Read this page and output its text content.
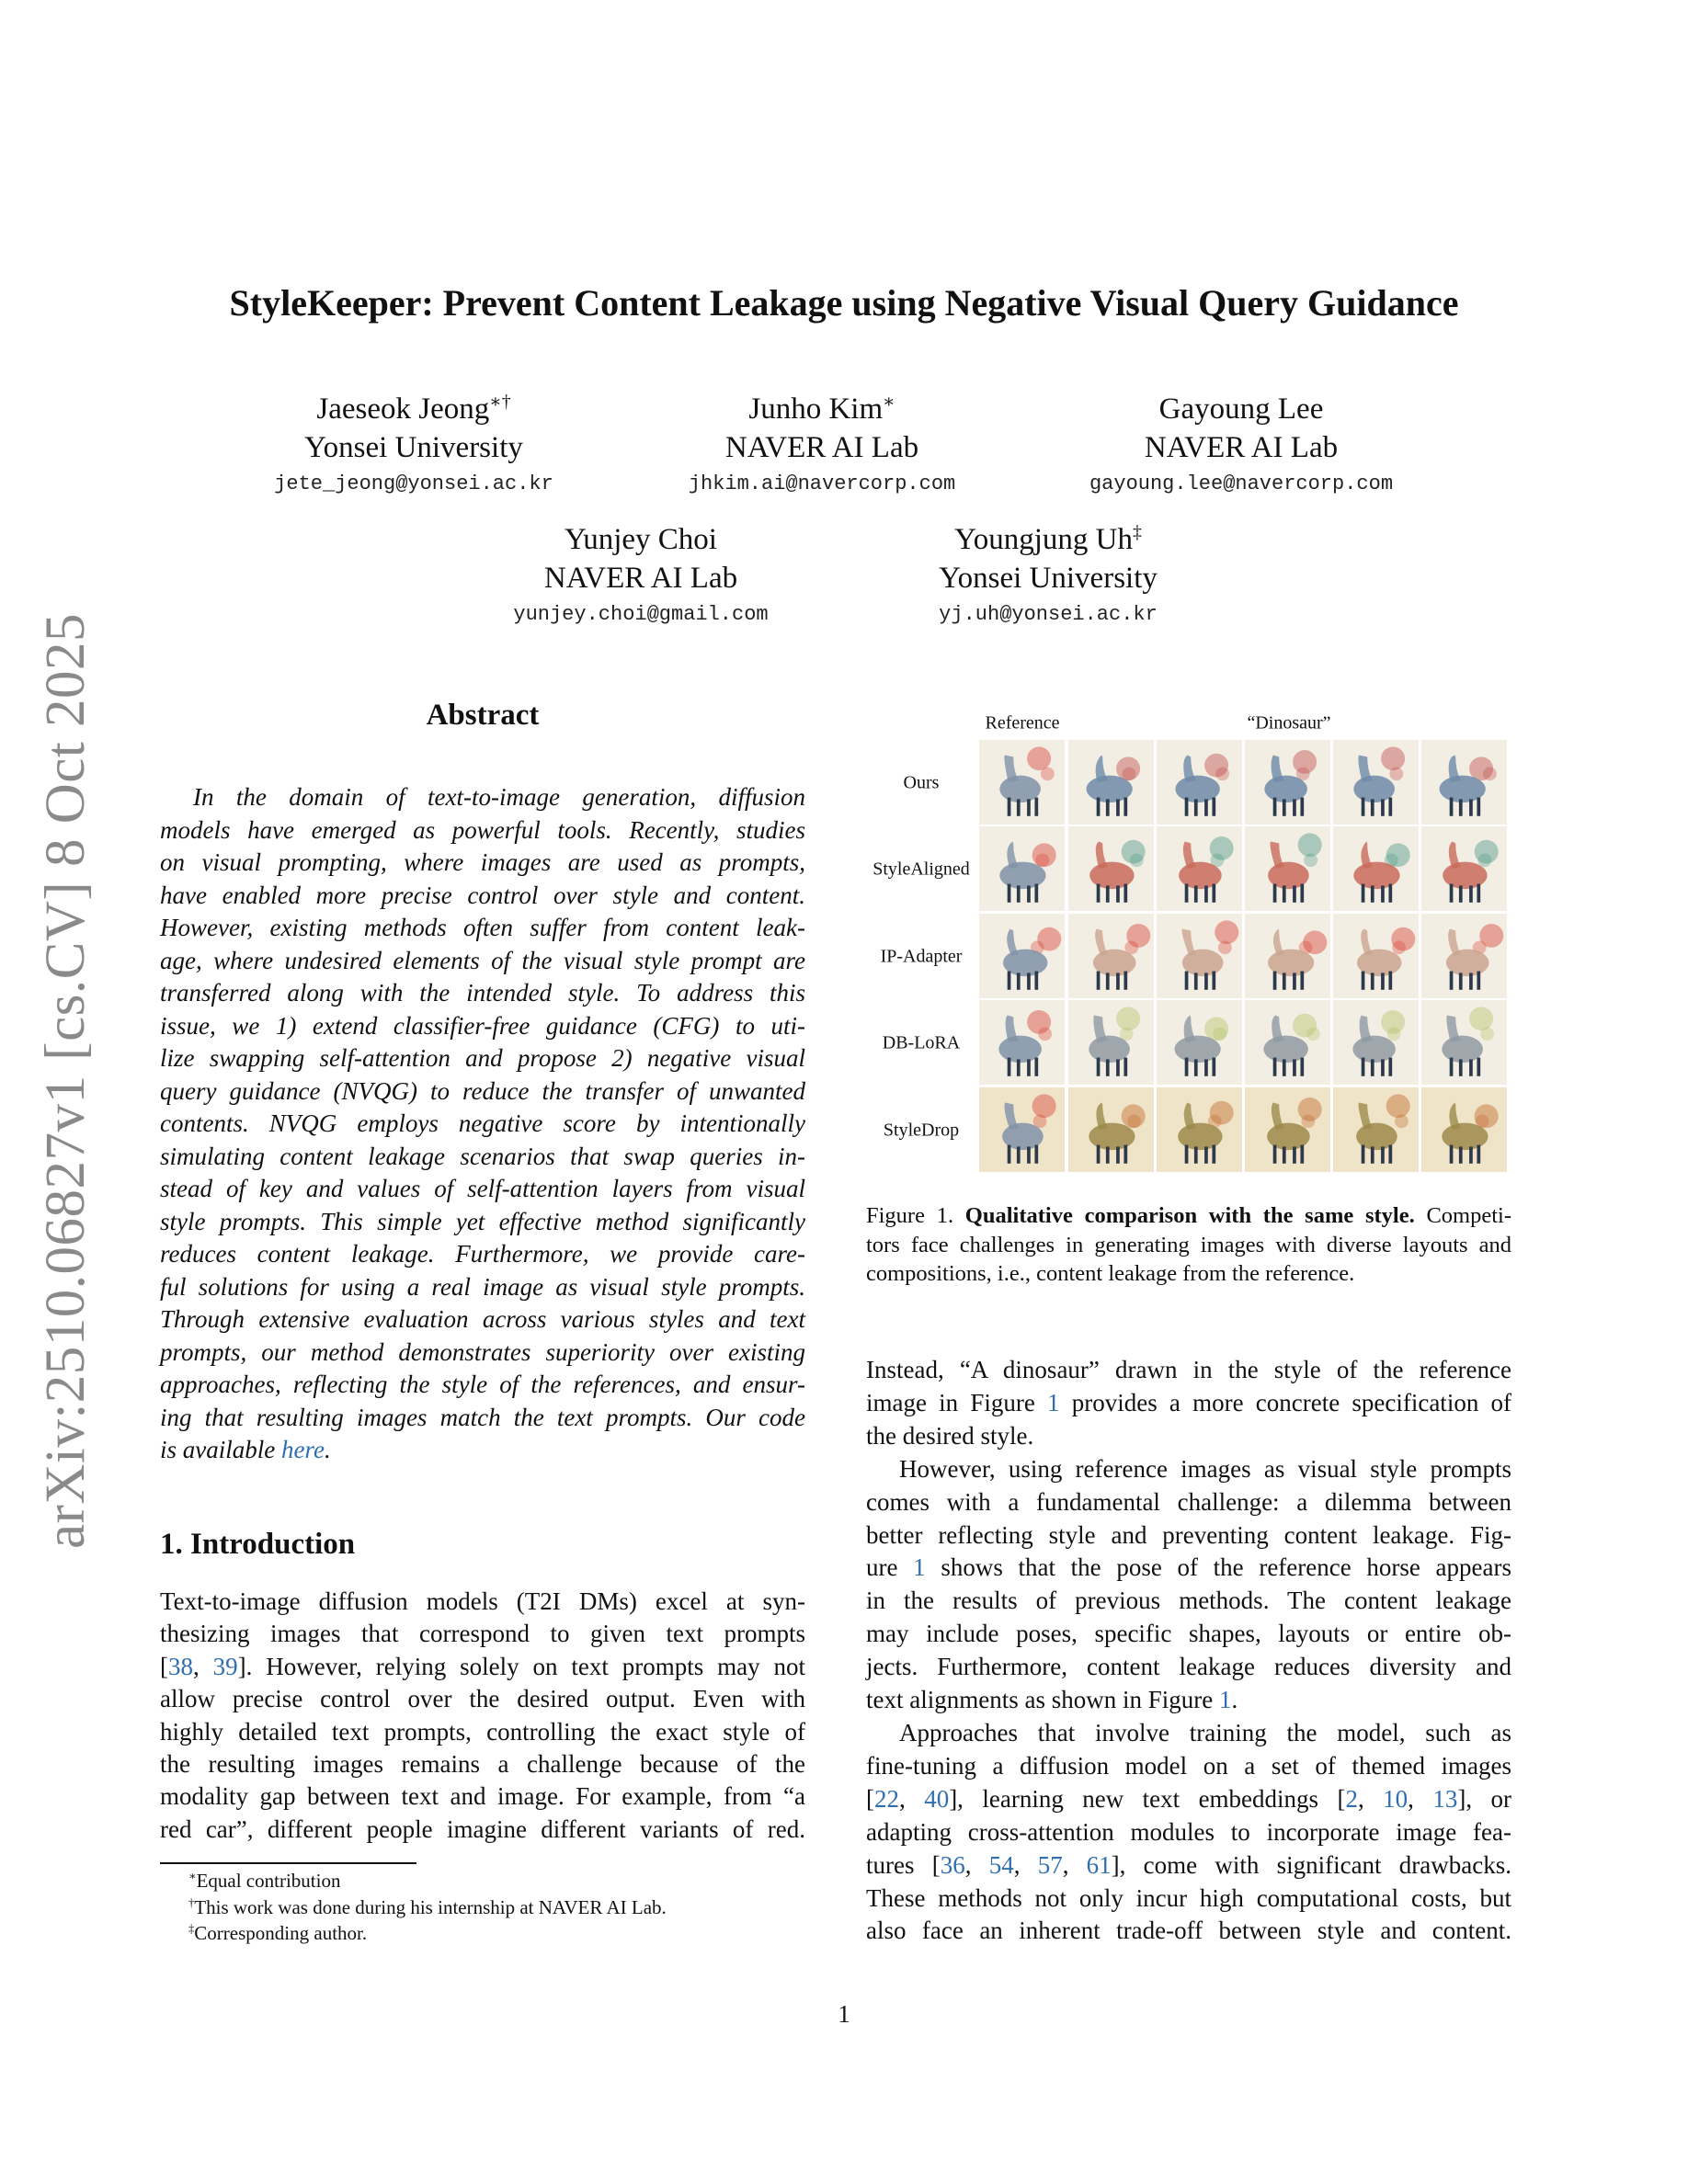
arXiv:2510.06827v1 [cs.CV] 8 Oct 2025
StyleKeeper: Prevent Content Leakage using Negative Visual Query Guidance
Jaeseok Jeong∗†
Yonsei University
jete_jeong@yonsei.ac.kr
Junho Kim∗
NAVER AI Lab
jhkim.ai@navercorp.com
Gayoung Lee
NAVER AI Lab
gayoung.lee@navercorp.com
Yunjey Choi
NAVER AI Lab
yunjey.choi@gmail.com
Youngjung Uh‡
Yonsei University
yj.uh@yonsei.ac.kr
Abstract
In the domain of text-to-image generation, diffusion
models have emerged as powerful tools. Recently, studies
on visual prompting, where images are used as prompts,
have enabled more precise control over style and content.
However, existing methods often suffer from content leak-
age, where undesired elements of the visual style prompt are
transferred along with the intended style. To address this
issue, we 1) extend classifier-free guidance (CFG) to uti-
lize swapping self-attention and propose 2) negative visual
query guidance (NVQG) to reduce the transfer of unwanted
contents. NVQG employs negative score by intentionally
simulating content leakage scenarios that swap queries in-
stead of key and values of self-attention layers from visual
style prompts. This simple yet effective method significantly
reduces content leakage. Furthermore, we provide care-
ful solutions for using a real image as visual style prompts.
Through extensive evaluation across various styles and text
prompts, our method demonstrates superiority over existing
approaches, reflecting the style of the references, and ensur-
ing that resulting images match the text prompts. Our code
is available here.
1. Introduction
Text-to-image diffusion models (T2I DMs) excel at syn-
thesizing images that correspond to given text prompts
[38, 39]. However, relying solely on text prompts may not
allow precise control over the desired output. Even with
highly detailed text prompts, controlling the exact style of
the resulting images remains a challenge because of the
modality gap between text and image. For example, from “a
red car”, different people imagine different variants of red.
Reference	“Dinosaur”
Ours
StyleAligned
IP-Adapter
DB-LoRA
StyleDrop
Figure 1. Qualitative comparison with the same style. Competi-
tors face challenges in generating images with diverse layouts and
compositions, i.e., content leakage from the reference.
Instead, “A dinosaur” drawn in the style of the reference
image in Figure 1 provides a more concrete specification of
the desired style.
However, using reference images as visual style prompts
comes with a fundamental challenge: a dilemma between
better reflecting style and preventing content leakage. Fig-
ure 1 shows that the pose of the reference horse appears
in the results of previous methods. The content leakage
may include poses, specific shapes, layouts or entire ob-
jects. Furthermore, content leakage reduces diversity and
text alignments as shown in Figure 1.
Approaches that involve training the model, such as
fine-tuning a diffusion model on a set of themed images
[22, 40], learning new text embeddings [2, 10, 13], or
adapting cross-attention modules to incorporate image fea-
tures [36, 54, 57, 61], come with significant drawbacks.
These methods not only incur high computational costs, but
also face an inherent trade-off between style and content.
∗Equal contribution
†This work was done during his internship at NAVER AI Lab.
‡Corresponding author.
1
